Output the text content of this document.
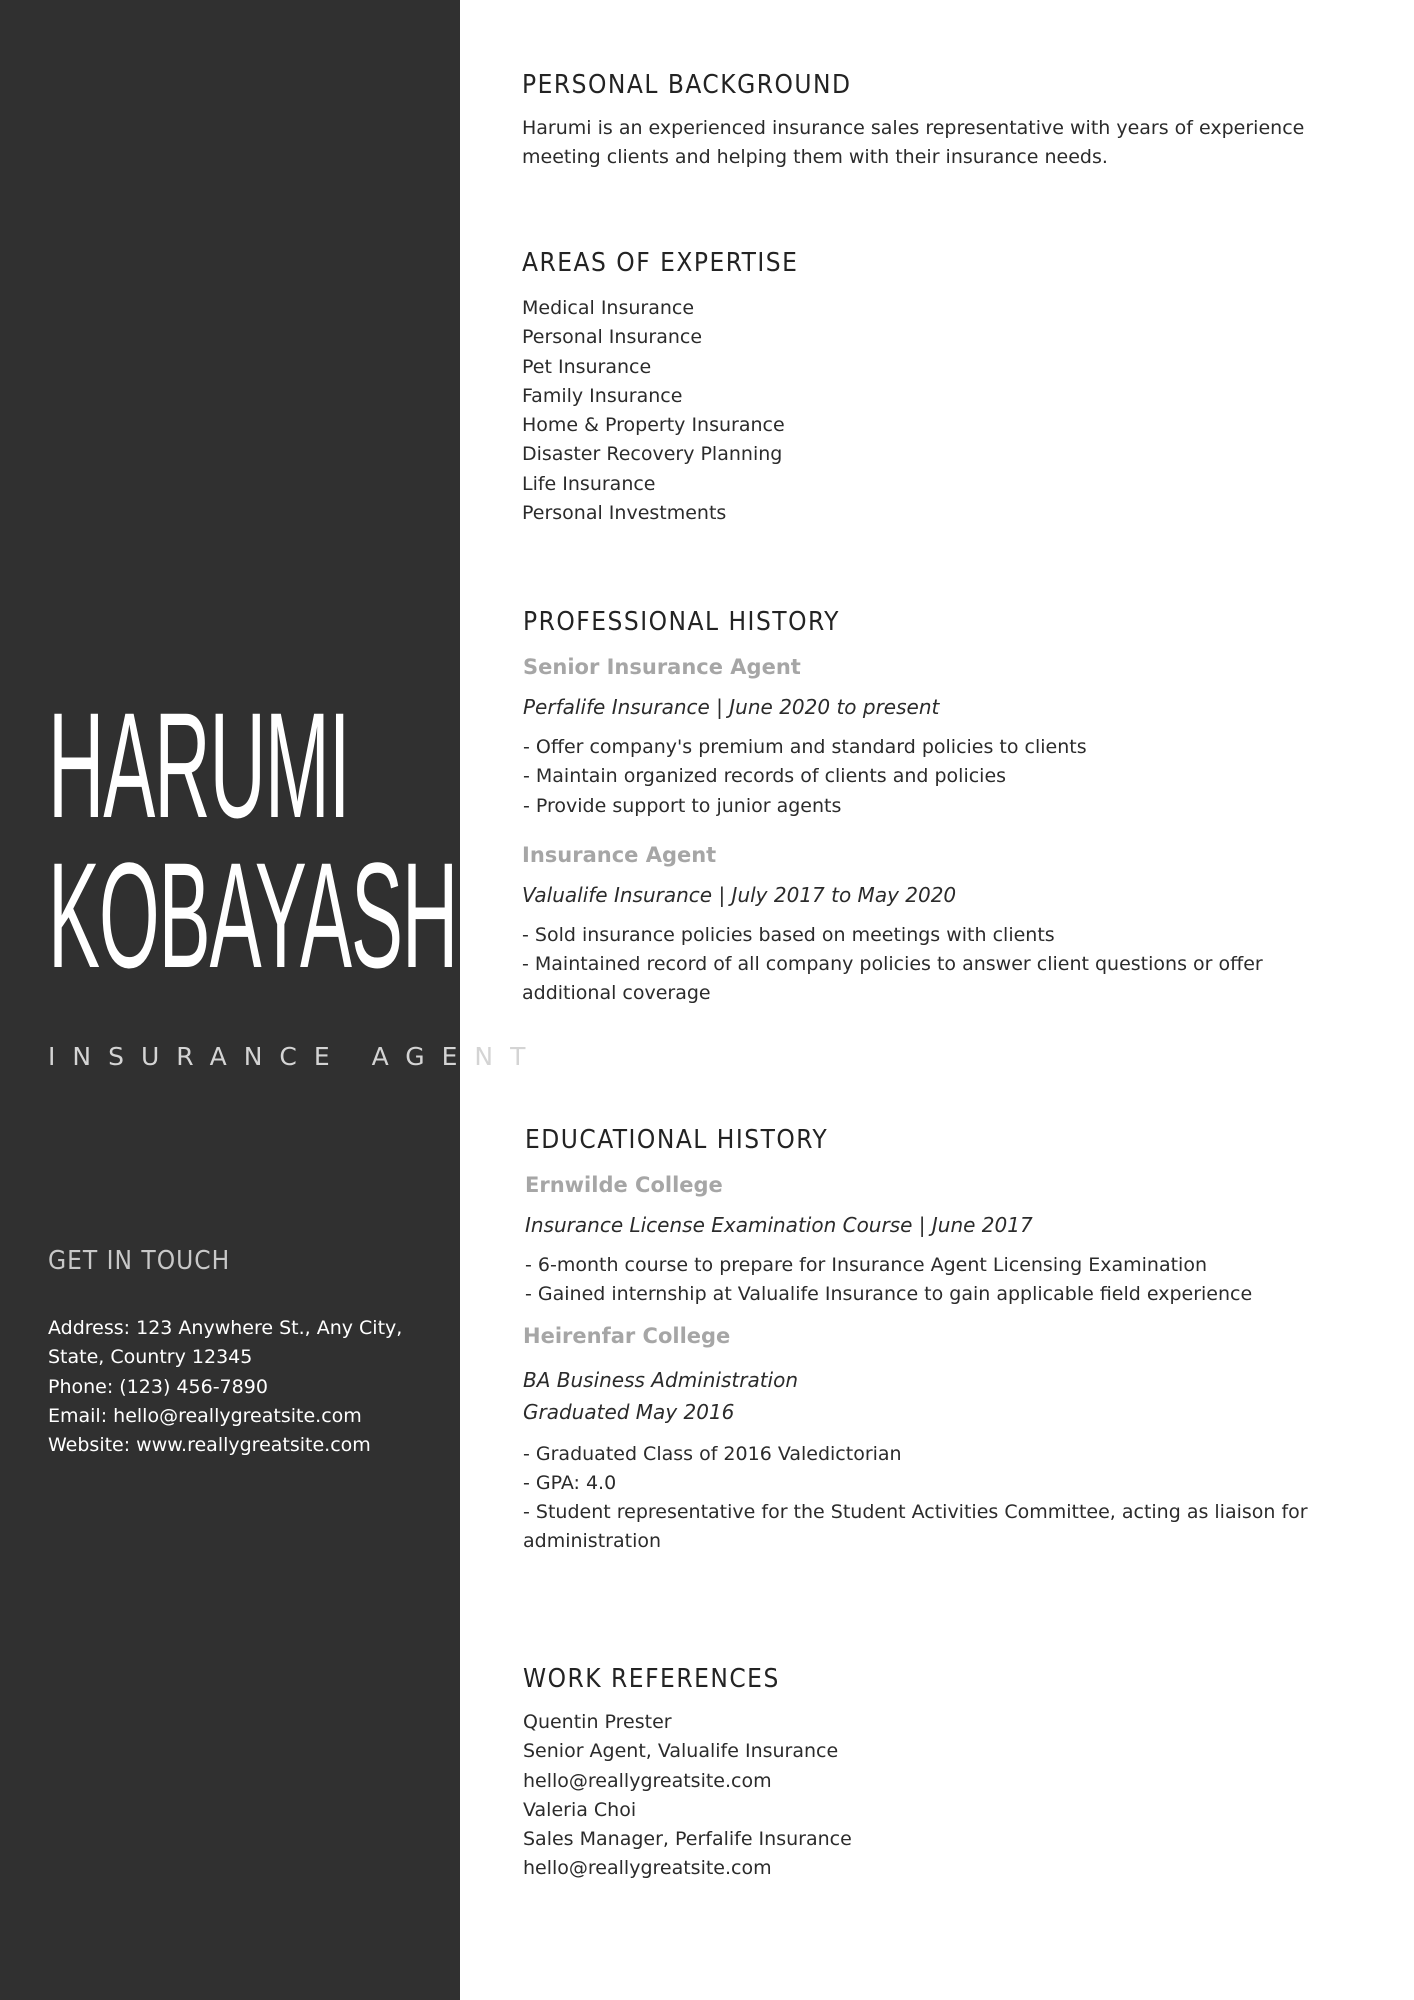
HARUMI
KOBAYASHI
INSURANCE AGENT
GET IN TOUCH
Address: 123 Anywhere St., Any City,
State, Country 12345
Phone: (123) 456-7890
Email: hello@reallygreatsite.com
Website: www.reallygreatsite.com
PERSONAL BACKGROUND
Harumi is an experienced insurance sales representative with years of experience meeting clients and helping them with their insurance needs.
AREAS OF EXPERTISE
Medical Insurance
Personal Insurance
Pet Insurance
Family Insurance
Home & Property Insurance
Disaster Recovery Planning
Life Insurance
Personal Investments
PROFESSIONAL HISTORY
Senior Insurance Agent
Perfalife Insurance | June 2020 to present
- Offer company's premium and standard policies to clients
- Maintain organized records of clients and policies
- Provide support to junior agents
Insurance Agent
Valualife Insurance | July 2017 to May 2020
- Sold insurance policies based on meetings with clients
- Maintained record of all company policies to answer client questions or offer
additional coverage
EDUCATIONAL HISTORY
Ernwilde College
Insurance License Examination Course | June 2017
- 6-month course to prepare for Insurance Agent Licensing Examination
- Gained internship at Valualife Insurance to gain applicable field experience
Heirenfar College
BA Business Administration
Graduated May 2016
- Graduated Class of 2016 Valedictorian
- GPA: 4.0
- Student representative for the Student Activities Committee, acting as liaison for
administration
WORK REFERENCES
Quentin Prester
Senior Agent, Valualife Insurance
hello@reallygreatsite.com
Valeria Choi
Sales Manager, Perfalife Insurance
hello@reallygreatsite.com
